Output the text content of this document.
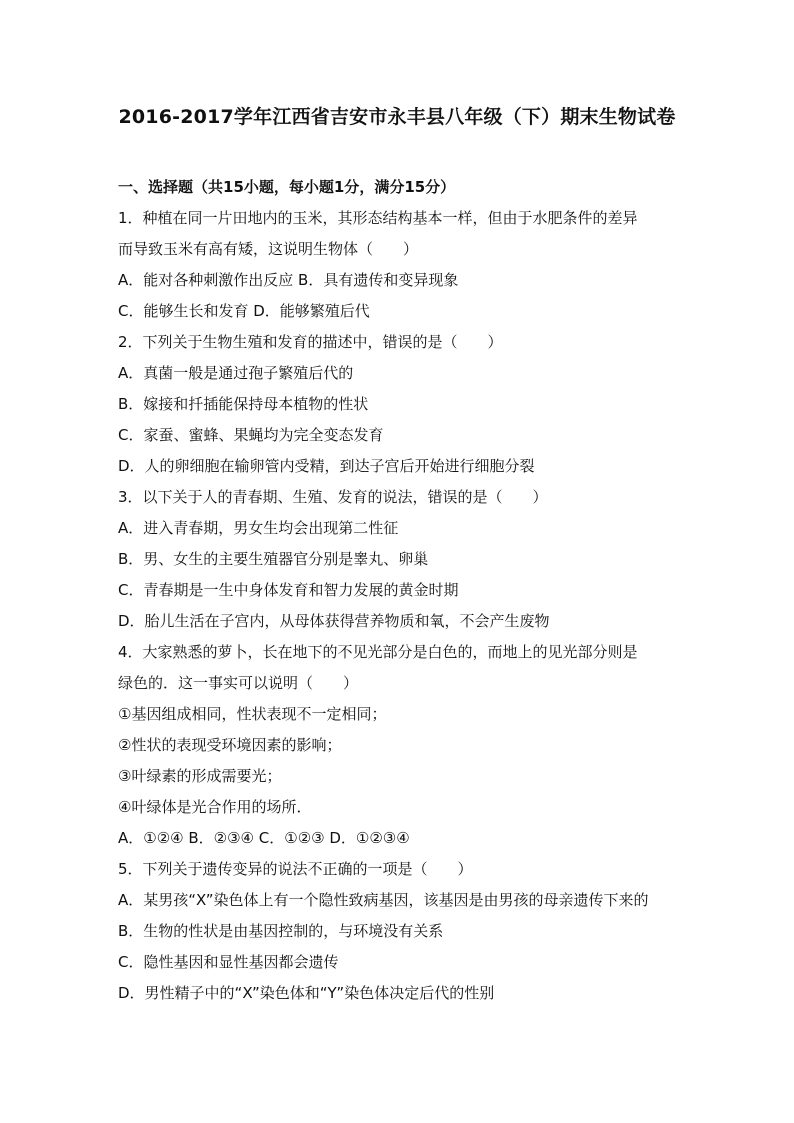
2016-2017学年江西省吉安市永丰县八年级（下）期末生物试卷
一、选择题（共15小题，每小题1分，满分15分）
1．种植在同一片田地内的玉米，其形态结构基本一样，但由于水肥条件的差异
而导致玉米有高有矮，这说明生物体（　　）
A．能对各种刺激作出反应 B．具有遗传和变异现象
C．能够生长和发育 D．能够繁殖后代
2．下列关于生物生殖和发育的描述中，错误的是（　　）
A．真菌一般是通过孢子繁殖后代的
B．嫁接和扦插能保持母本植物的性状
C．家蚕、蜜蜂、果蝇均为完全变态发育
D．人的卵细胞在输卵管内受精，到达子宫后开始进行细胞分裂
3．以下关于人的青春期、生殖、发育的说法，错误的是（　　）
A．进入青春期，男女生均会出现第二性征
B．男、女生的主要生殖器官分别是睾丸、卵巢
C．青春期是一生中身体发育和智力发展的黄金时期
D．胎儿生活在子宫内，从母体获得营养物质和氧，不会产生废物
4．大家熟悉的萝卜，长在地下的不见光部分是白色的，而地上的见光部分则是
绿色的．这一事实可以说明（　　）
①基因组成相同，性状表现不一定相同；
②性状的表现受环境因素的影响；
③叶绿素的形成需要光；
④叶绿体是光合作用的场所．
A．①②④ B．②③④ C．①②③ D．①②③④
5．下列关于遗传变异的说法不正确的一项是（　　）
A．某男孩“X”染色体上有一个隐性致病基因，该基因是由男孩的母亲遗传下来的
B．生物的性状是由基因控制的，与环境没有关系
C．隐性基因和显性基因都会遗传
D．男性精子中的“X”染色体和“Y”染色体决定后代的性别
